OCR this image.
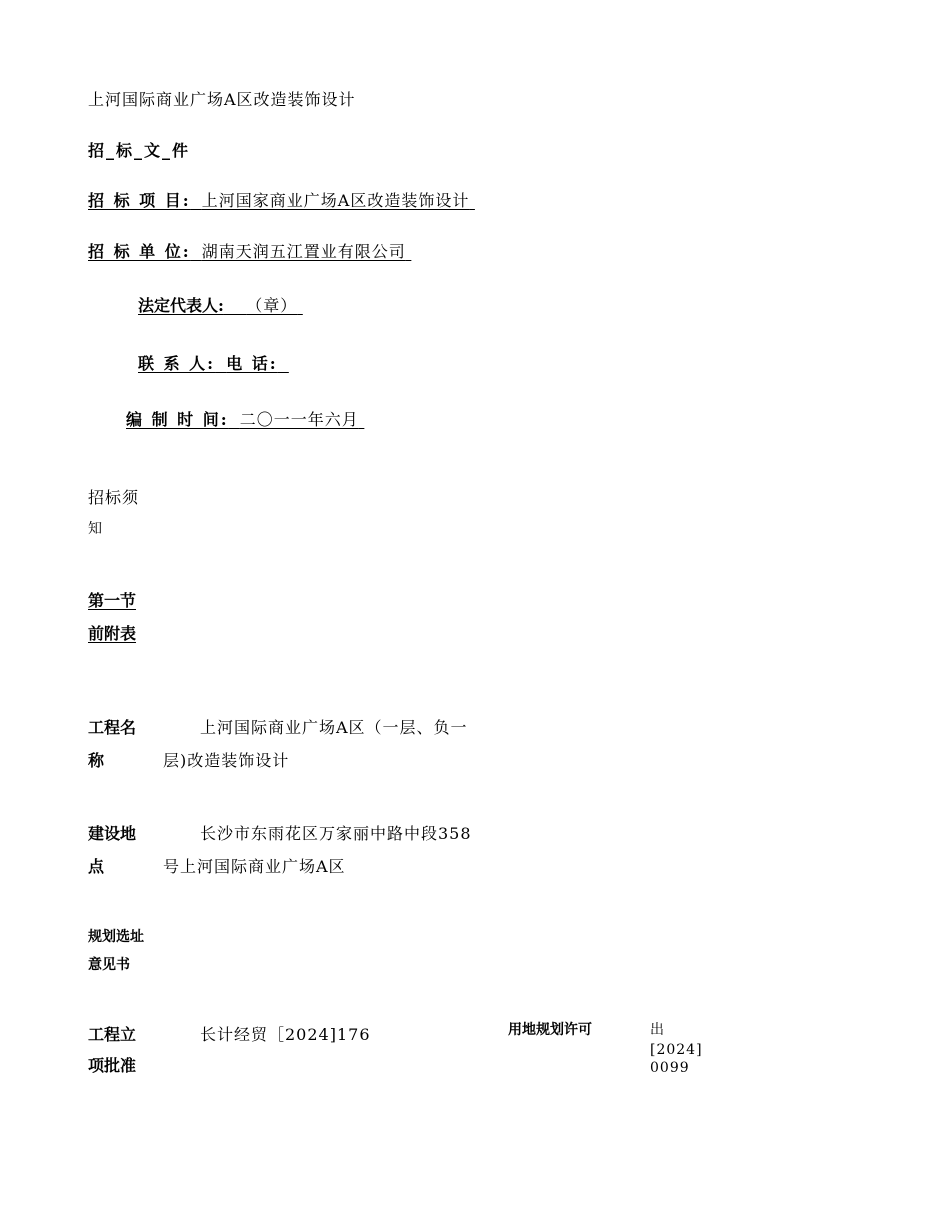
上河国际商业广场A区改造装饰设计
招_标_文_件
招 标 项 目: 上河国家商业广场A区改造装饰设计
招 标 单 位: 湖南天润五江置业有限公司
法定代表人: （章）
联 系 人: 电 话:
编 制 时 间: 二〇一一年六月
招标须
知
第一节
前附表
工程名
称
上河国际商业广场A区（一层、负一
层)改造装饰设计
建设地
点
长沙市东雨花区万家丽中路中段358
号上河国际商业广场A区
规划选址
意见书
工程立
项批准
长计经贸［2024]176	用地规划许可	出
[2024]
0099
